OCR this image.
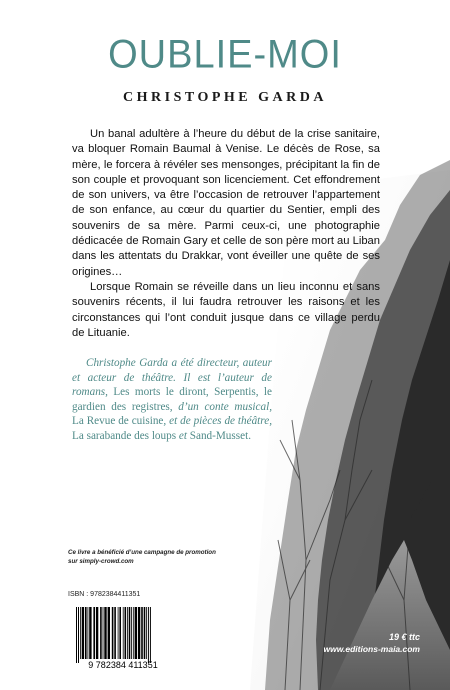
OUBLIE-MOI
CHRISTOPHE GARDA

Un banal adultère à l’heure du début de la crise sanitaire, va bloquer Romain Baumal à Venise. Le décès de Rose, sa mère, le forcera à révéler ses mensonges, précipitant la fin de son couple et provoquant son licenciement. Cet effondrement de son univers, va être l’occasion de retrouver l’appartement de son enfance, au cœur du quartier du Sentier, empli des souvenirs de sa mère. Parmi ceux-ci, une photographie dédicacée de Romain Gary et celle de son père mort au Liban dans les attentats du Drakkar, vont éveiller une quête de ses origines…

Lorsque Romain se réveille dans un lieu inconnu et sans souvenirs récents, il lui faudra retrouver les raisons et les circonstances qui l’ont conduit jusque dans ce village perdu de Lituanie.

Christophe Garda a été directeur, auteur et acteur de théâtre. Il est l’auteur de romans, Les morts le diront, Serpentis, le gardien des registres, d’un conte musical, La Revue de cuisine, et de pièces de théâtre, La sarabande des loups et Sand-Musset.

Ce livre a bénéficié d’une campagne de promotion
sur simply-crowd.com
ISBN : 9782384411351
9 782384 411351
19 € ttc
www.editions-maia.com
